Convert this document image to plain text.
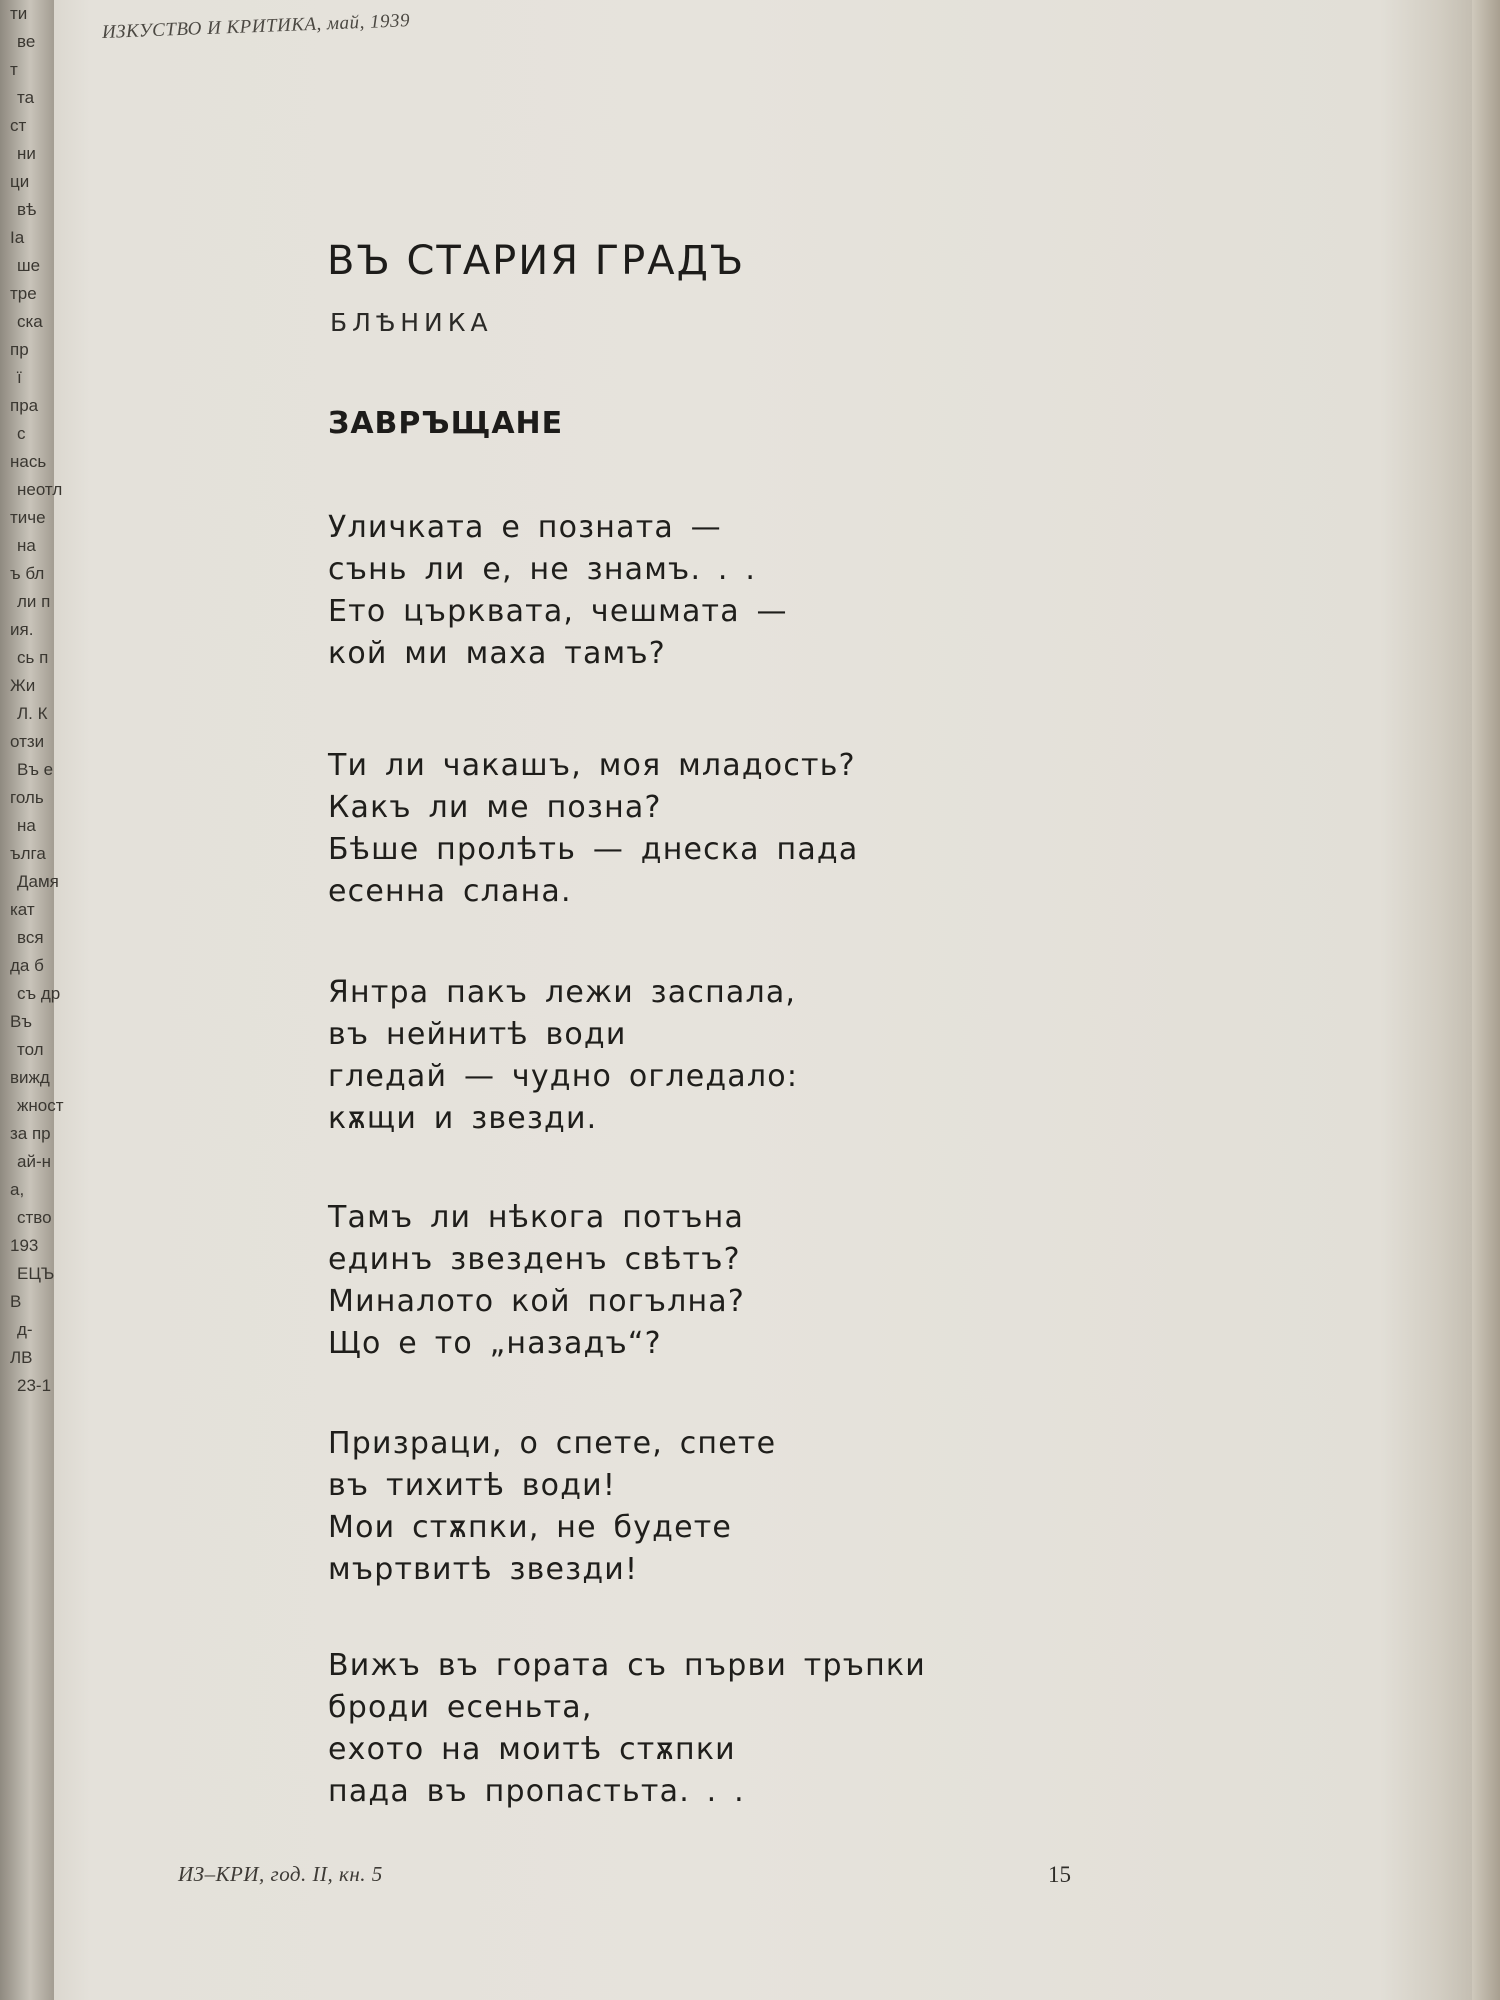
ти
ве
т
та
ст
ни
ци
вѣ
Іа
ше
тре
ска
пр
ї
пра
с
нась
неотл
тиче
на
ъ бл
ли п
ия.
сь п
Жи
Л. К
отзи
Въ е
голь
на
ълга
Дамя
кат
вся
да б
съ др
Въ
тол
вижд
жност
за пр
ай-н
а,
ство
193
ЕЦЪ
В
д-
ЛВ
23-1
ИЗКУСТВО И КРИТИКА, май, 1939
ВЪ СТАРИЯ ГРАДЪ
БЛѢНИКА
ЗАВРЪЩАНЕ
Уличката е позната —
сънь ли е, не знамъ. . .
Ето църквата, чешмата —
кой ми маха тамъ?
Ти ли чакашъ, моя младость?
Какъ ли ме позна?
Бѣше пролѣть — днеска пада
есенна слана.
Янтра пакъ лежи заспала,
въ нейнитѣ води
гледай — чудно огледало:
кѫщи и звезди.
Тамъ ли нѣкога потъна
единъ звезденъ свѣтъ?
Миналото кой погълна?
Що е то „назадъ“?
Призраци, о спете, спете
въ тихитѣ води!
Мои стѫпки, не будете
мъртвитѣ звезди!
Вижъ въ гората съ първи тръпки
броди есеньта,
ехото на моитѣ стѫпки
пада въ пропастьта. . .
ИЗ–КРИ, год. II, кн. 5	15
